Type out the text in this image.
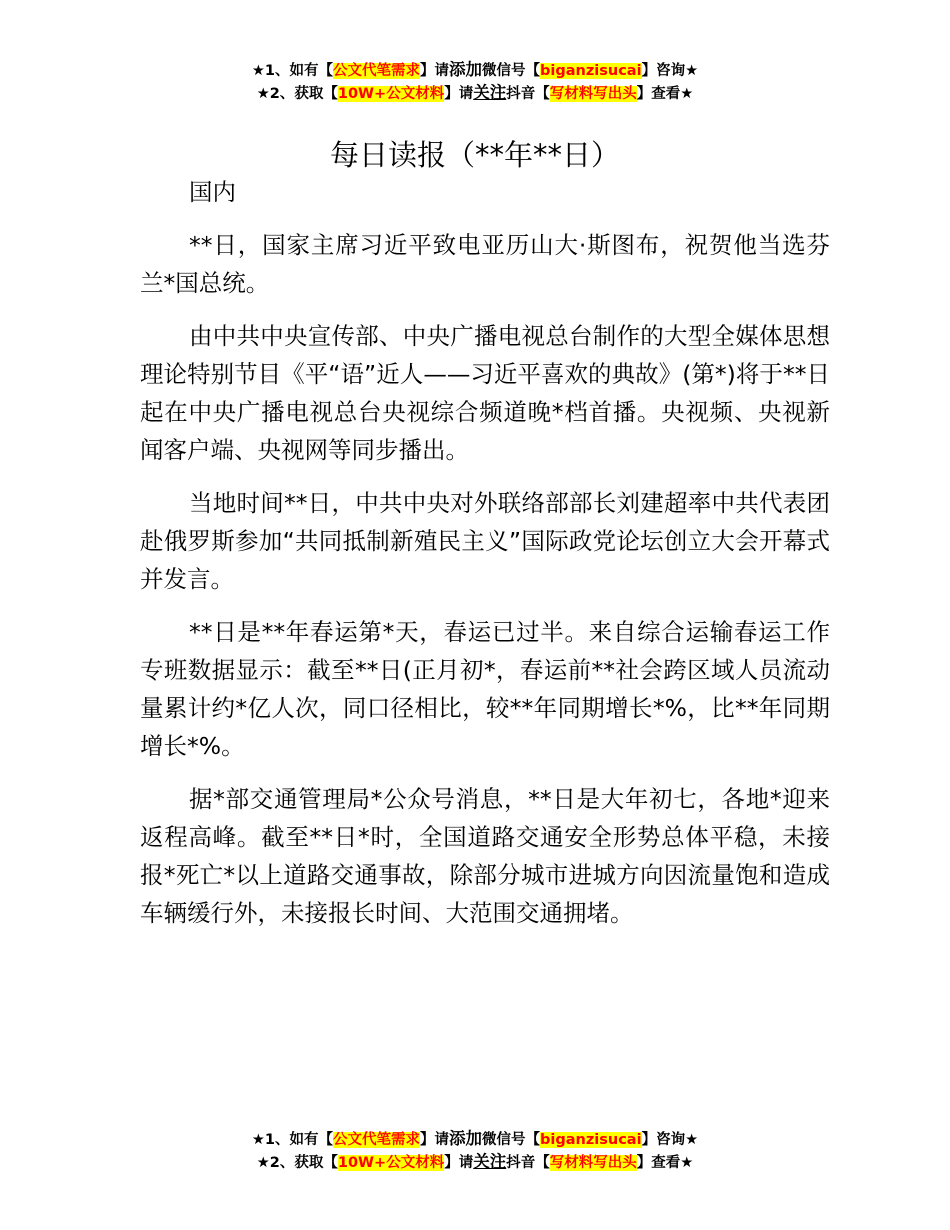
★1、如有【公文代笔需求】请添加微信号【biganzisucai】咨询★
★2、获取【10W+公文材料】请关注抖音【写材料写出头】查看★
每日读报（**年**日）

国内

**日，国家主席习近平致电亚历山大·斯图布，祝贺他当选芬兰*国总统。

由中共中央宣传部、中央广播电视总台制作的大型全媒体思想理论特别节目《平“语”近人——习近平喜欢的典故》(第*)将于**日起在中央广播电视总台央视综合频道晚*档首播。央视频、央视新闻客户端、央视网等同步播出。

当地时间**日，中共中央对外联络部部长刘建超率中共代表团赴俄罗斯参加“共同抵制新殖民主义”国际政党论坛创立大会开幕式并发言。

**日是**年春运第*天，春运已过半。来自综合运输春运工作专班数据显示：截至**日(正月初*，春运前**社会跨区域人员流动量累计约*亿人次，同口径相比，较**年同期增长*%，比**年同期增长*%。

据*部交通管理局*公众号消息，**日是大年初七，各地*迎来返程高峰。截至**日*时，全国道路交通安全形势总体平稳，未接报*死亡*以上道路交通事故，除部分城市进城方向因流量饱和造成车辆缓行外，未接报长时间、大范围交通拥堵。

★1、如有【公文代笔需求】请添加微信号【biganzisucai】咨询★
★2、获取【10W+公文材料】请关注抖音【写材料写出头】查看★
